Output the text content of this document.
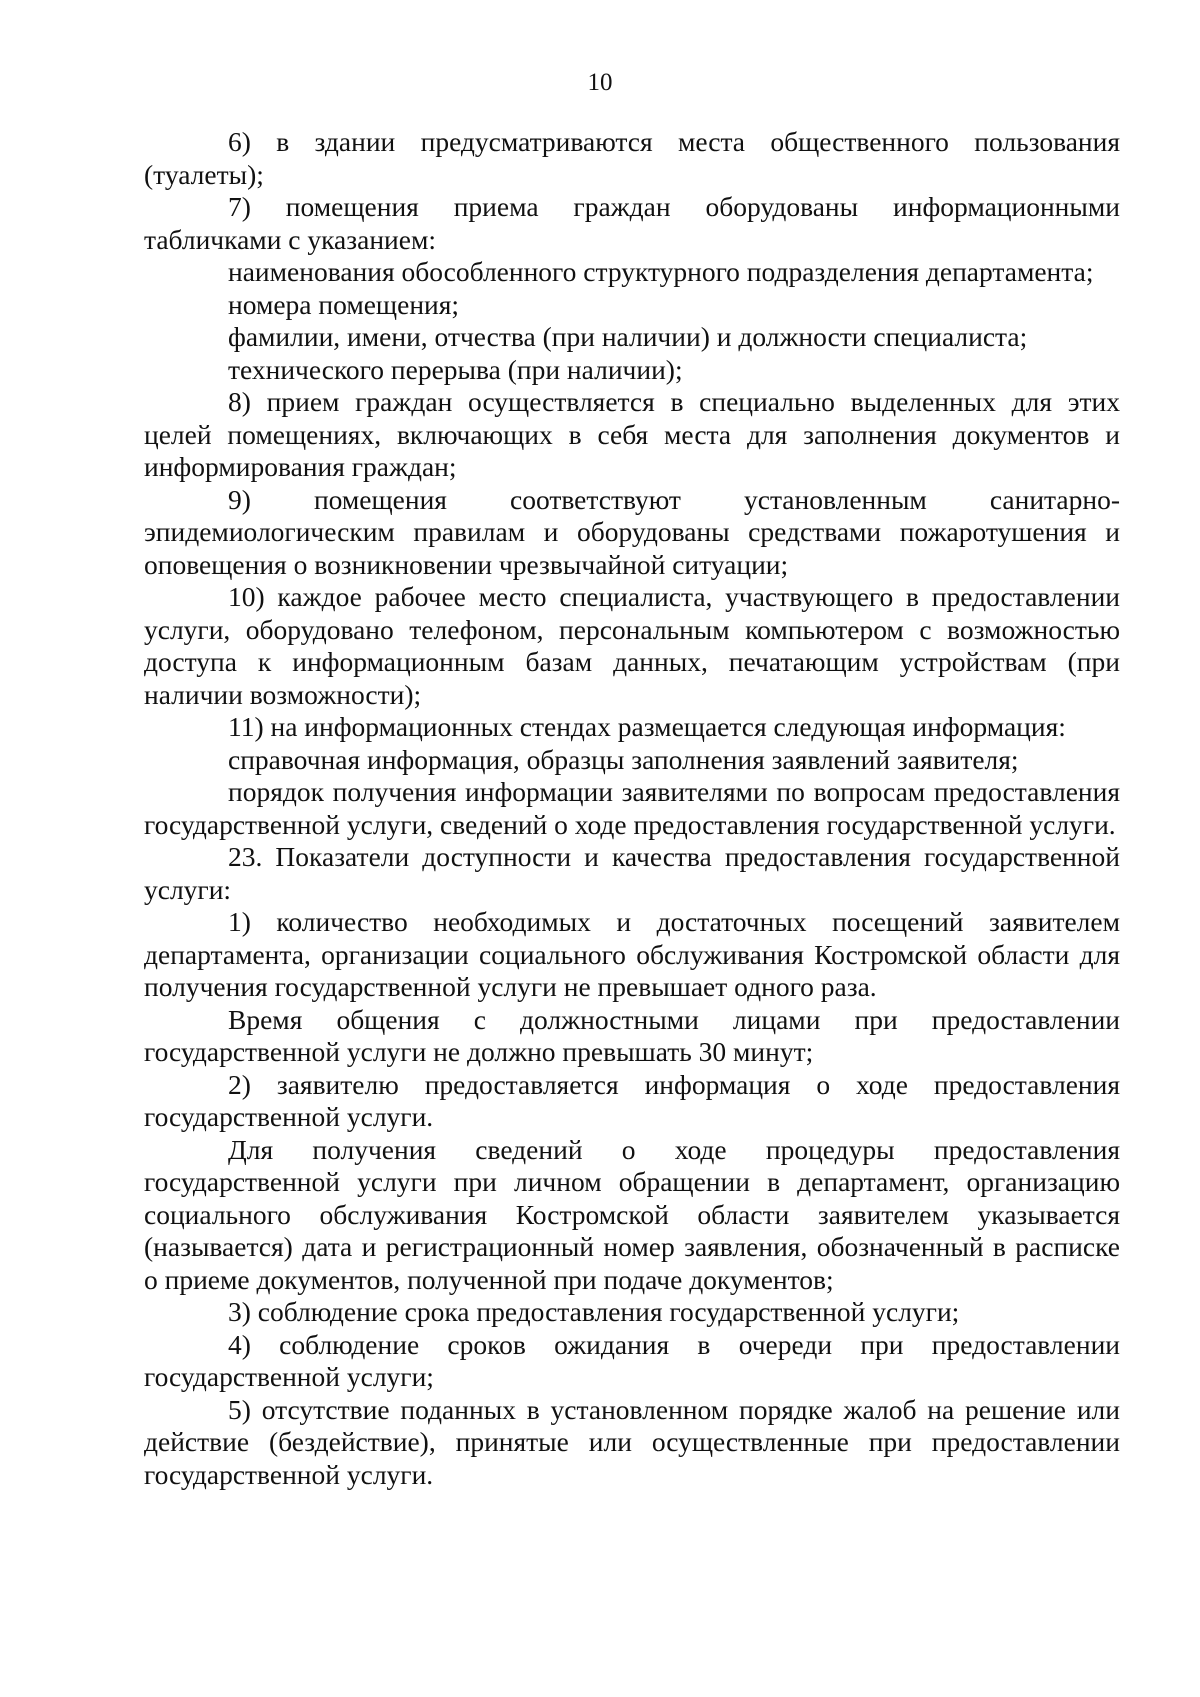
10

6) в здании предусматриваются места общественного пользования (туалеты);

7) помещения приема граждан оборудованы информационными табличками с указанием:

наименования обособленного структурного подразделения департамента;

номера помещения;

фамилии, имени, отчества (при наличии) и должности специалиста;

технического перерыва (при наличии);

8) прием граждан осуществляется в специально выделенных для этих целей помещениях, включающих в себя места для заполнения документов и информирования граждан;

9) помещения соответствуют установленным санитарно-эпидемиологическим правилам и оборудованы средствами пожаротушения и оповещения о возникновении чрезвычайной ситуации;

10) каждое рабочее место специалиста, участвующего в предоставлении услуги, оборудовано телефоном, персональным компьютером с возможностью доступа к информационным базам данных, печатающим устройствам (при наличии возможности);

11) на информационных стендах размещается следующая информация:

справочная информация, образцы заполнения заявлений заявителя;

порядок получения информации заявителями по вопросам предоставления государственной услуги, сведений о ходе предоставления государственной услуги.

23. Показатели доступности и качества предоставления государственной услуги:

1) количество необходимых и достаточных посещений заявителем департамента, организации социального обслуживания Костромской области для получения государственной услуги не превышает одного раза.

Время общения с должностными лицами при предоставлении государственной услуги не должно превышать 30 минут;

2) заявителю предоставляется информация о ходе предоставления государственной услуги.

Для получения сведений о ходе процедуры предоставления государственной услуги при личном обращении в департамент, организацию социального обслуживания Костромской области заявителем указывается (называется) дата и регистрационный номер заявления, обозначенный в расписке о приеме документов, полученной при подаче документов;

3) соблюдение срока предоставления государственной услуги;

4) соблюдение сроков ожидания в очереди при предоставлении государственной услуги;

5) отсутствие поданных в установленном порядке жалоб на решение или действие (бездействие), принятые или осуществленные при предоставлении государственной услуги.
